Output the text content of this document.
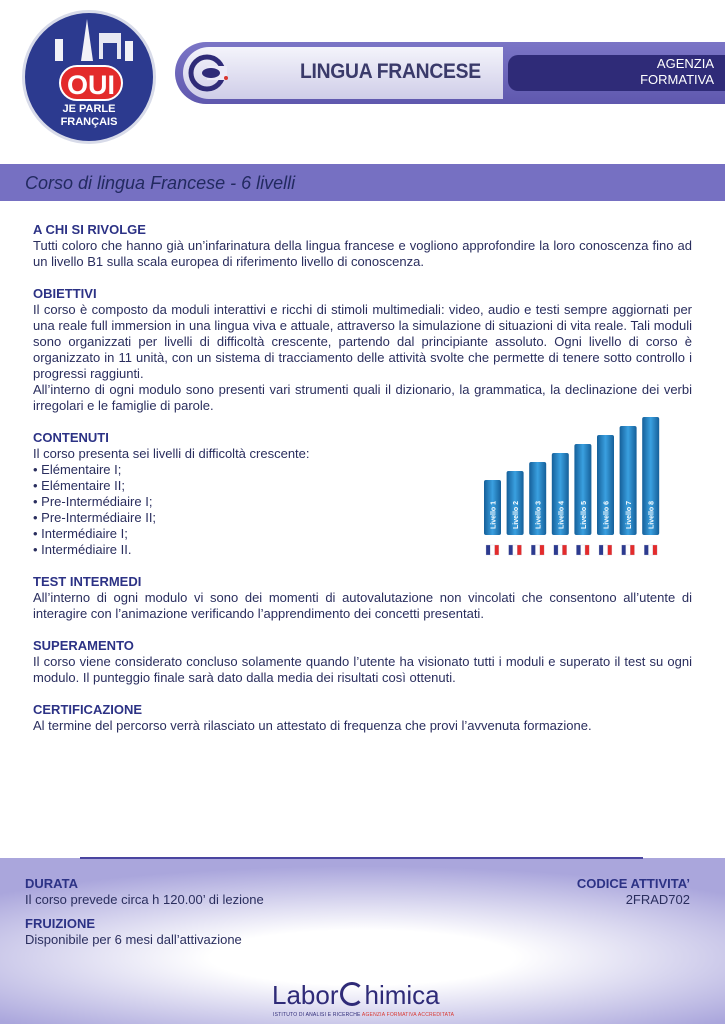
OUI
JE PARLE
FRANÇAIS
LINGUA FRANCESE	AGENZIA
FORMATIVA
Corso di lingua Francese - 6 livelli

A CHI SI RIVOLGE

Tutti coloro che hanno già un’infarinatura della lingua francese e vogliono approfondire la loro conoscenza fino ad un livello B1 sulla scala europea di riferimento livello di conoscenza.

OBIETTIVI

Il corso è composto da moduli interattivi e ricchi di stimoli multimediali: video, audio e testi sempre aggiornati per una reale full immersion in una lingua viva e attuale, attraverso la simulazione di situazioni di vita reale. Tali moduli sono organizzati per livelli di difficoltà crescente, partendo dal principiante assoluto. Ogni livello di corso è organizzato in 11 unità, con un sistema di tracciamento delle attività svolte che permette di tenere sotto controllo i progressi raggiunti.

All’interno di ogni modulo sono presenti vari strumenti quali il dizionario, la grammatica, la declinazione dei verbi irregolari e le famiglie di parole.

CONTENUTI

Il corso presenta sei livelli di difficoltà crescente:

• Elémentaire I;
• Elémentaire II;
• Pre-Intermédiaire I;
• Pre-Intermédiaire II;
• Intermédiaire I;
• Intermédiaire II.

TEST INTERMEDI

All’interno di ogni modulo vi sono dei momenti di autovalutazione non vincolati che consentono all’utente di interagire con l’animazione verificando l’apprendimento dei concetti presentati.

SUPERAMENTO

Il corso viene considerato concluso solamente quando l’utente ha visionato tutti i moduli e superato il test su ogni modulo. Il punteggio finale sarà dato dalla media dei risultati così ottenuti.

CERTIFICAZIONE

Al termine del percorso verrà rilasciato un attestato di frequenza che provi l’avvenuta formazione.

Livello 1 Livello 2 Livello 3 Livello 4 Livello 5 Livello 6 Livello 7 Livello 8
DURATA
Il corso prevede circa h 120.00’ di lezione
FRUIZIONE
Disponibile per 6 mesi dall’attivazione
CODICE ATTIVITA’
2FRAD702
Labor himica
ISTITUTO DI ANALISI E RICERCHE AGENZIA FORMATIVA ACCREDITATA
